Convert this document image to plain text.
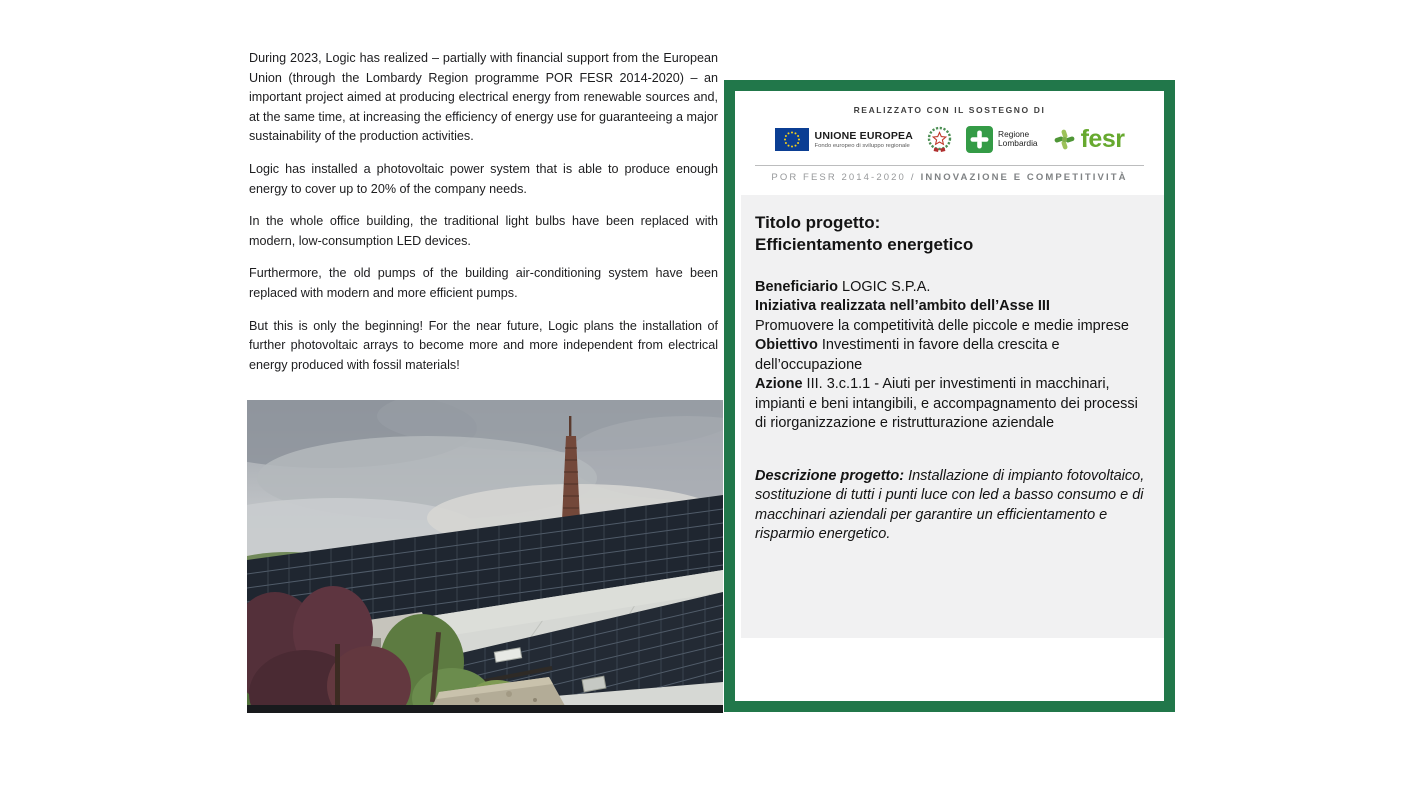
During 2023, Logic has realized – partially with financial support from the European Union (through the Lombardy Region programme POR FESR 2014-2020) – an important project aimed at producing electrical energy from renewable sources and, at the same time, at increasing the efficiency of energy use for guaranteeing a major sustainability of the production activities.

Logic has installed a photovoltaic power system that is able to produce enough energy to cover up to 20% of the company needs.

In the whole office building, the traditional light bulbs have been replaced with modern, low-consumption LED devices.

Furthermore, the old pumps of the building air-conditioning system have been replaced with modern and more efficient pumps.

But this is only the beginning! For the near future, Logic plans the installation of further photovoltaic arrays to become more and more independent from electrical energy produced with fossil materials!

REALIZZATO CON IL SOSTEGNO DI
UNIONE EUROPEA
Fondo europeo di sviluppo regionale
Regione
Lombardia fesr
POR FESR 2014-2020 / INNOVAZIONE E COMPETITIVITÀ
Titolo progetto:
Efficientamento energetico

Beneficiario LOGIC S.P.A.

Iniziativa realizzata nell’ambito dell’Asse III
Promuovere la competitività delle piccole e medie imprese

Obiettivo Investimenti in favore della crescita e dell’occupazione

Azione III. 3.c.1.1 - Aiuti per investimenti in macchinari, impianti e beni intangibili, e accompagnamento dei processi di riorganizzazione e ristrutturazione aziendale

Descrizione progetto: Installazione di impianto fotovoltaico, sostituzione di tutti i punti luce con led a basso consumo e di macchinari aziendali per garantire un efficientamento e risparmio energetico.
